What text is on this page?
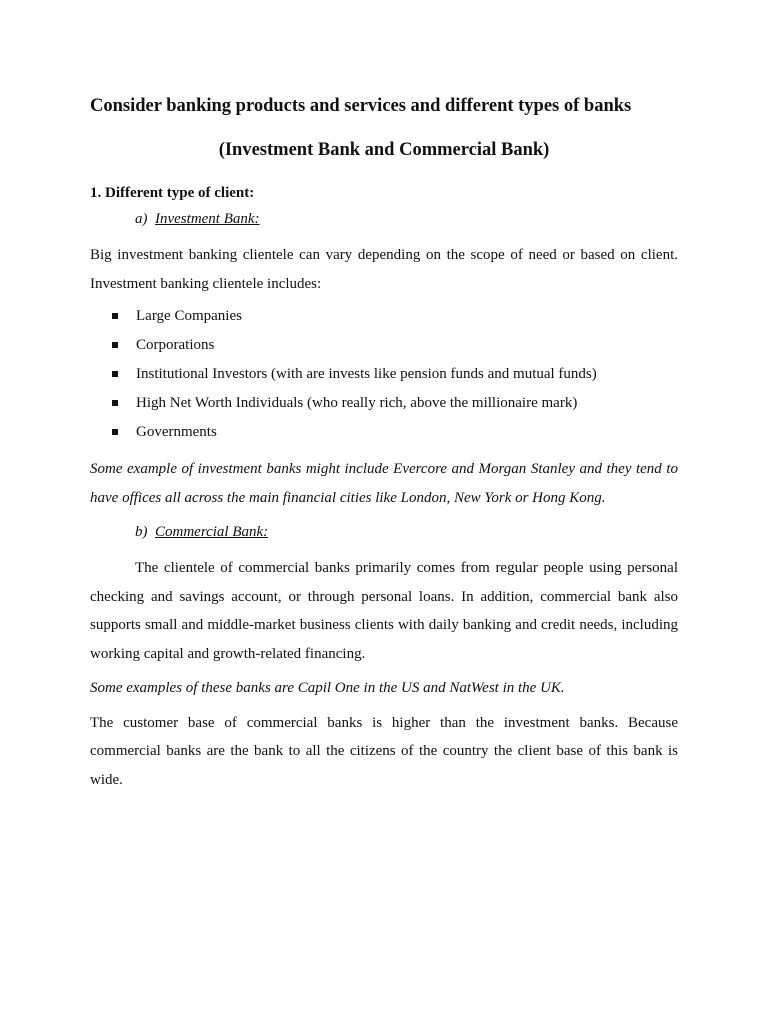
Consider banking products and services and different types of banks

(Investment Bank and Commercial Bank)

1. Different type of client:

a) Investment Bank:

Big investment banking clientele can vary depending on the scope of need or based on client. Investment banking clientele includes:

Large Companies
Corporations
Institutional Investors (with are invests like pension funds and mutual funds)
High Net Worth Individuals (who really rich, above the millionaire mark)
Governments

Some example of investment banks might include Evercore and Morgan Stanley and they tend to have offices all across the main financial cities like London, New York or Hong Kong.

b) Commercial Bank:

The clientele of commercial banks primarily comes from regular people using personal checking and savings account, or through personal loans. In addition, commercial bank also supports small and middle-market business clients with daily banking and credit needs, including working capital and growth-related financing.

Some examples of these banks are Capil One in the US and NatWest in the UK.

The customer base of commercial banks is higher than the investment banks. Because commercial banks are the bank to all the citizens of the country the client base of this bank is wide.
